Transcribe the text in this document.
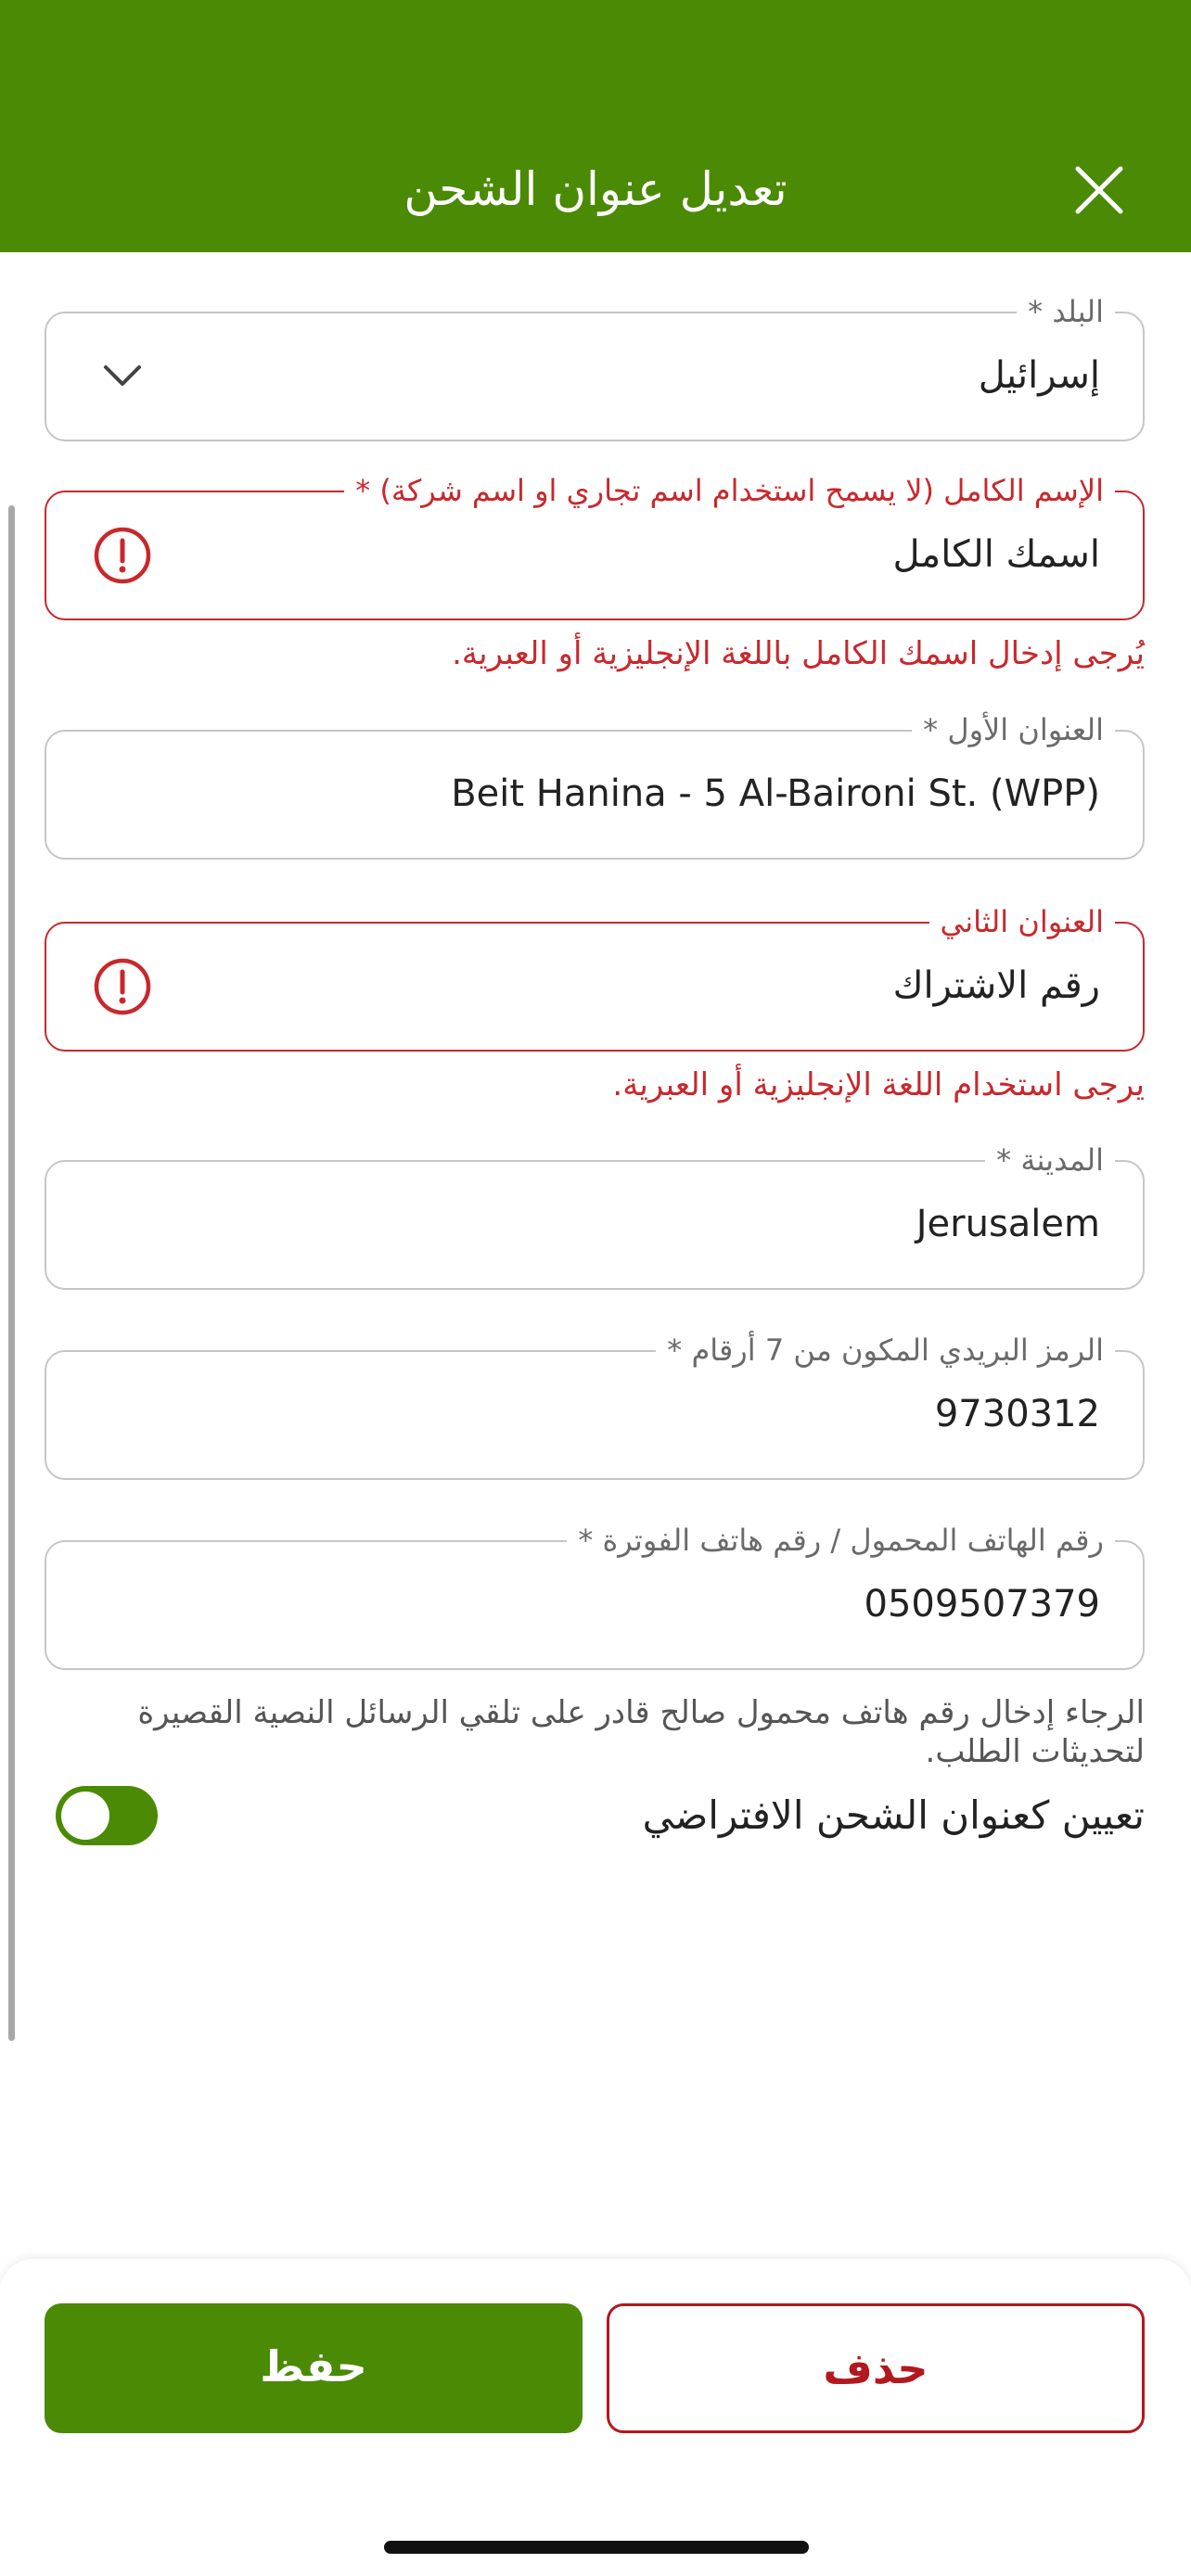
تعديل عنوان الشحن
البلد *
إسرائيل
الإسم الكامل (لا يسمح استخدام اسم تجاري او اسم شركة) *
اسمك الكامل
يُرجى إدخال اسمك الكامل باللغة الإنجليزية أو العبرية.
العنوان الأول *
Beit Hanina - 5 Al-Baironi St. (WPP)
العنوان الثاني
رقم الاشتراك
يرجى استخدام اللغة الإنجليزية أو العبرية.
المدينة *
Jerusalem
الرمز البريدي المكون من 7 أرقام *
9730312
رقم الهاتف المحمول / رقم هاتف الفوترة *
0509507379
الرجاء إدخال رقم هاتف محمول صالح قادر على تلقي الرسائل النصية القصيرة لتحديثات الطلب.
تعيين كعنوان الشحن الافتراضي
حفظ	حذف
